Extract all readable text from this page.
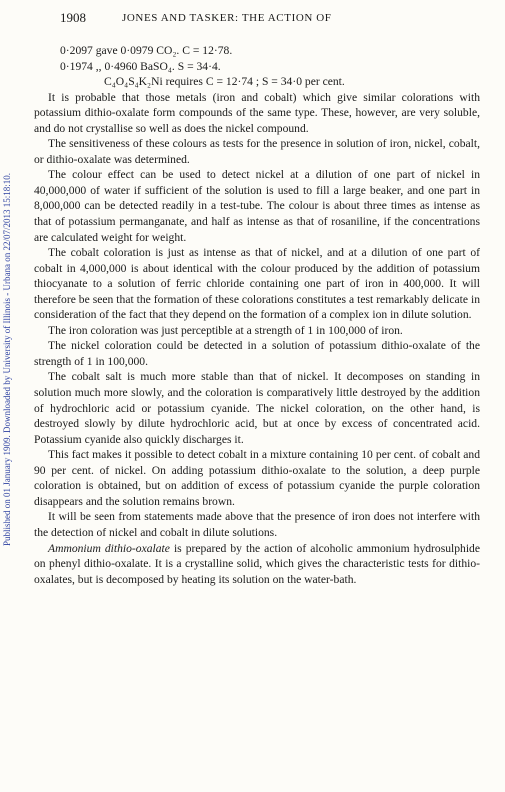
Published on 01 January 1909. Downloaded by University of Illinois - Urbana on 22/07/2013 15:18:10.
1908	JONES AND TASKER: THE ACTION OF
0·2097 gave 0·0979 CO₂. C = 12·78.
0·1974 ,, 0·4960 BaSO₄. S = 34·4.
C₄O₄S₄K₂Ni requires C = 12·74 ; S = 34·0 per cent.

It is probable that those metals (iron and cobalt) which give similar colorations with potassium dithio-oxalate form compounds of the same type. These, however, are very soluble, and do not crystallise so well as does the nickel compound.

The sensitiveness of these colours as tests for the presence in solution of iron, nickel, cobalt, or dithio-oxalate was determined.

The colour effect can be used to detect nickel at a dilution of one part of nickel in 40,000,000 of water if sufficient of the solution is used to fill a large beaker, and one part in 8,000,000 can be detected readily in a test-tube. The colour is about three times as intense as that of potassium permanganate, and half as intense as that of rosaniline, if the concentrations are calculated weight for weight.

The cobalt coloration is just as intense as that of nickel, and at a dilution of one part of cobalt in 4,000,000 is about identical with the colour produced by the addition of potassium thiocyanate to a solution of ferric chloride containing one part of iron in 400,000. It will therefore be seen that the formation of these colorations constitutes a test remarkably delicate in consideration of the fact that they depend on the formation of a complex ion in dilute solution.

The iron coloration was just perceptible at a strength of 1 in 100,000 of iron.

The nickel coloration could be detected in a solution of potassium dithio-oxalate of the strength of 1 in 100,000.

The cobalt salt is much more stable than that of nickel. It decomposes on standing in solution much more slowly, and the coloration is comparatively little destroyed by the addition of hydrochloric acid or potassium cyanide. The nickel coloration, on the other hand, is destroyed slowly by dilute hydrochloric acid, but at once by excess of concentrated acid. Potassium cyanide also quickly discharges it.

This fact makes it possible to detect cobalt in a mixture containing 10 per cent. of cobalt and 90 per cent. of nickel. On adding potassium dithio-oxalate to the solution, a deep purple coloration is obtained, but on addition of excess of potassium cyanide the purple coloration disappears and the solution remains brown.

It will be seen from statements made above that the presence of iron does not interfere with the detection of nickel and cobalt in dilute solutions.

Ammonium dithio-oxalate is prepared by the action of alcoholic ammonium hydrosulphide on phenyl dithio-oxalate. It is a crystalline solid, which gives the characteristic tests for dithio-oxalates, but is decomposed by heating its solution on the water-bath.
